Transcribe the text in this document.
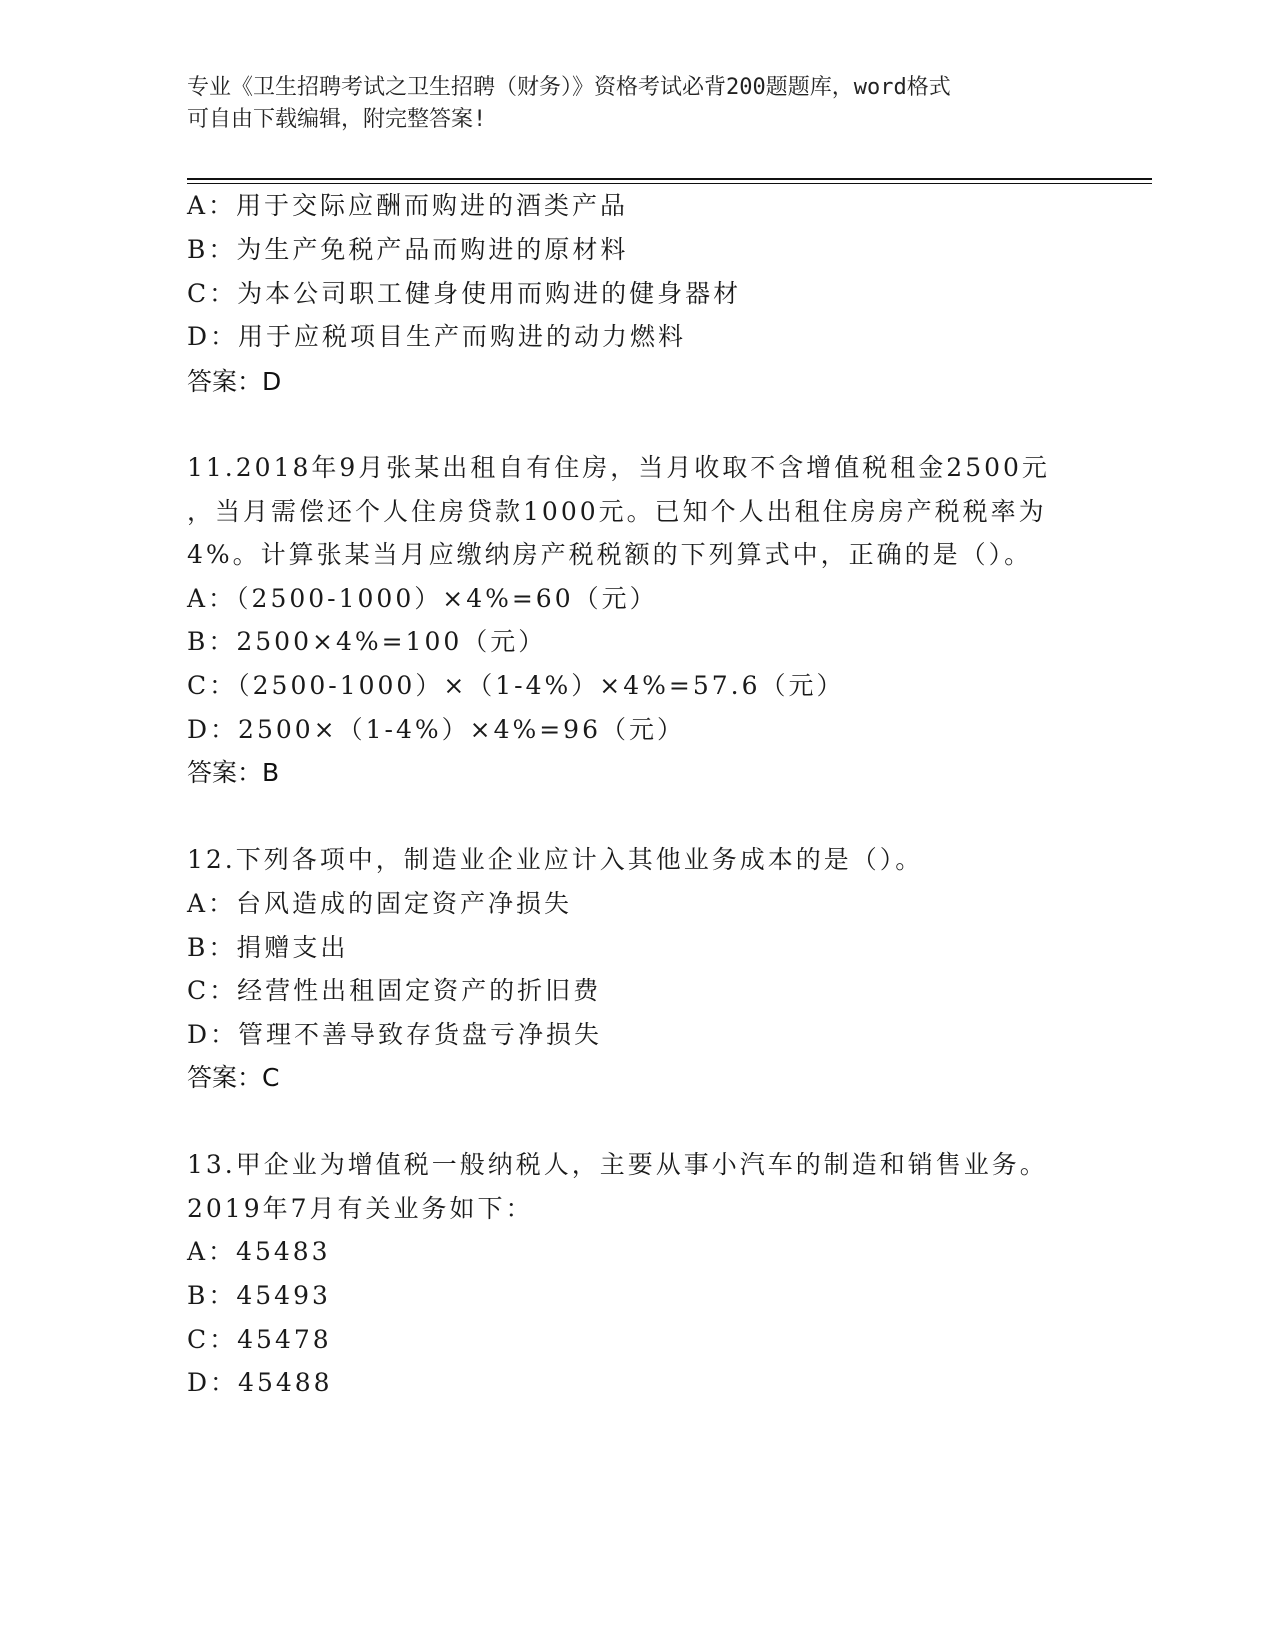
专业《卫生招聘考试之卫生招聘（财务）》资格考试必背200题题库，word格式
可自由下载编辑，附完整答案!
A：用于交际应酬而购进的酒类产品
B：为生产免税产品而购进的原材料
C：为本公司职工健身使用而购进的健身器材
D：用于应税项目生产而购进的动力燃料
答案：D
11.2018年9月张某出租自有住房，当月收取不含增值税租金2500元
，当月需偿还个人住房贷款1000元。已知个人出租住房房产税税率为
4%。计算张某当月应缴纳房产税税额的下列算式中，正确的是（）。
A：（2500-1000）×4%=60（元）
B：2500×4%=100（元）
C：（2500-1000）×（1-4%）×4%=57.6（元）
D：2500×（1-4%）×4%=96（元）
答案：B
12.下列各项中，制造业企业应计入其他业务成本的是（）。
A：台风造成的固定资产净损失
B：捐赠支出
C：经营性出租固定资产的折旧费
D：管理不善导致存货盘亏净损失
答案：C
13.甲企业为增值税一般纳税人，主要从事小汽车的制造和销售业务。
2019年7月有关业务如下：
A：45483
B：45493
C：45478
D：45488
